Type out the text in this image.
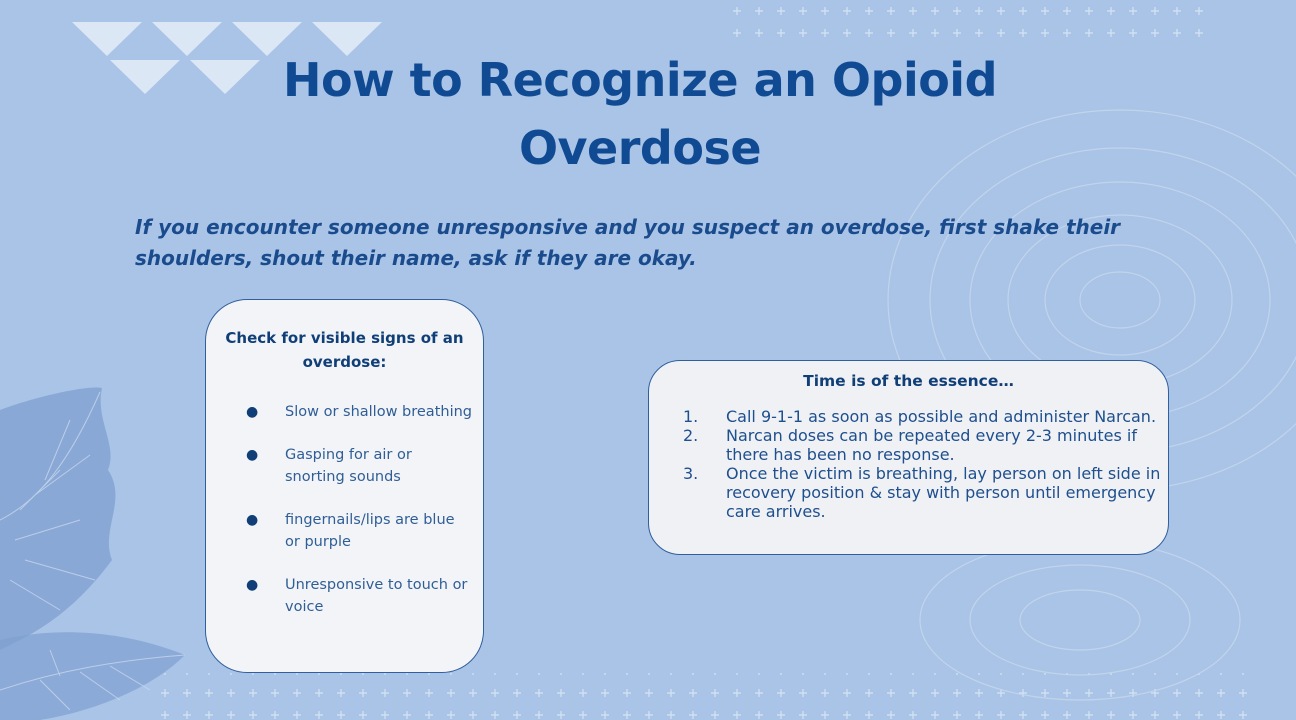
How to Recognize an Opioid Overdose

If you encounter someone unresponsive and you suspect an overdose, first shake their shoulders, shout their name, ask if they are okay.

Check for visible signs of an overdose:
● Slow or shallow breathing
● Gasping for air or snorting sounds
● fingernails/lips are blue or purple
● Unresponsive to touch or voice
Time is of the essence…
1. Call 9-1-1 as soon as possible and administer Narcan.
2. Narcan doses can be repeated every 2-3 minutes if there has been no response.
3. Once the victim is breathing, lay person on left side in recovery position & stay with person until emergency care arrives.
